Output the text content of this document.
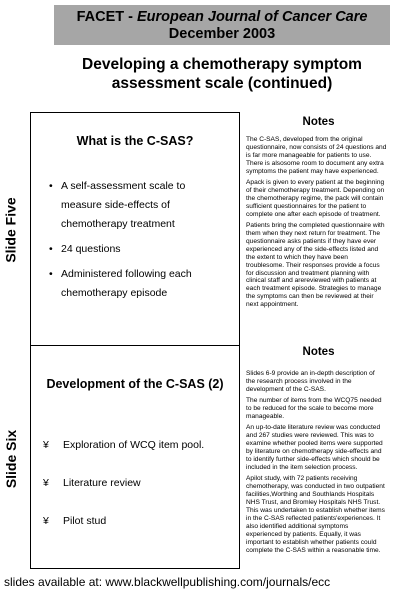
FACET - European Journal of Cancer Care
December 2003
Developing a chemotherapy symptom
assessment scale (continued)
Slide Five
What is the C-SAS?
• A self-assessment scale to
measure side-effects of
chemotherapy treatment
• 24 questions
• Administered following each
chemotherapy episode
Notes

The C-SAS, developed from the original
questionnaire, now consists of 24 questions and
is far more manageable for patients to use.
There is alsosome room to document any extra
symptoms the patient may have experienced.

Apack is given to every patient at the beginning
of their chemotherapy treatment. Depending on
the chemotherapy regime, the pack will contain
sufficient questionnaires for the patient to
complete one after each episode of treatment.

Patients bring the completed questionnaire with
them when they next return for treatment. The
questionnaire asks patients if they have ever
experienced any of the side-effects listed and
the extent to which they have been
troublesome. Their responses provide a focus
for discussion and treatment planning with
clinical staff and arereviewed with patients at
each treatment episode. Strategies to manage
the symptoms can then be reviewed at their
next appointment.

Slide Six
Development of the C-SAS (2)
¥ Exploration of WCQ item pool.
¥ Literature review
¥ Pilot stud
Notes

Slides 6-9 provide an in-depth description of
the research process involved in the
development of the C-SAS.

The number of items from the WCQ75 needed
to be reduced for the scale to become more
manageable.

An up-to-date literature review was conducted
and 267 studies were reviewed. This was to
examine whether pooled items were supported
by literature on chemotherapy side-effects and
to identify further side-effects which should be
included in the item selection process.

Apilot study, with 72 patients receiving
chemotherapy, was conducted in two outpatient
facilities,Worthing and Southlands Hospitals
NHS Trust, and Bromley Hospitals NHS Trust.
This was undertaken to establish whether items
in the C-SAS reflected patients'experiences. It
also identified additional symptoms
experienced by patients. Equally, it was
important to establish whether patients could
complete the C-SAS within a reasonable time.

slides available at: www.blackwellpublishing.com/journals/ecc
